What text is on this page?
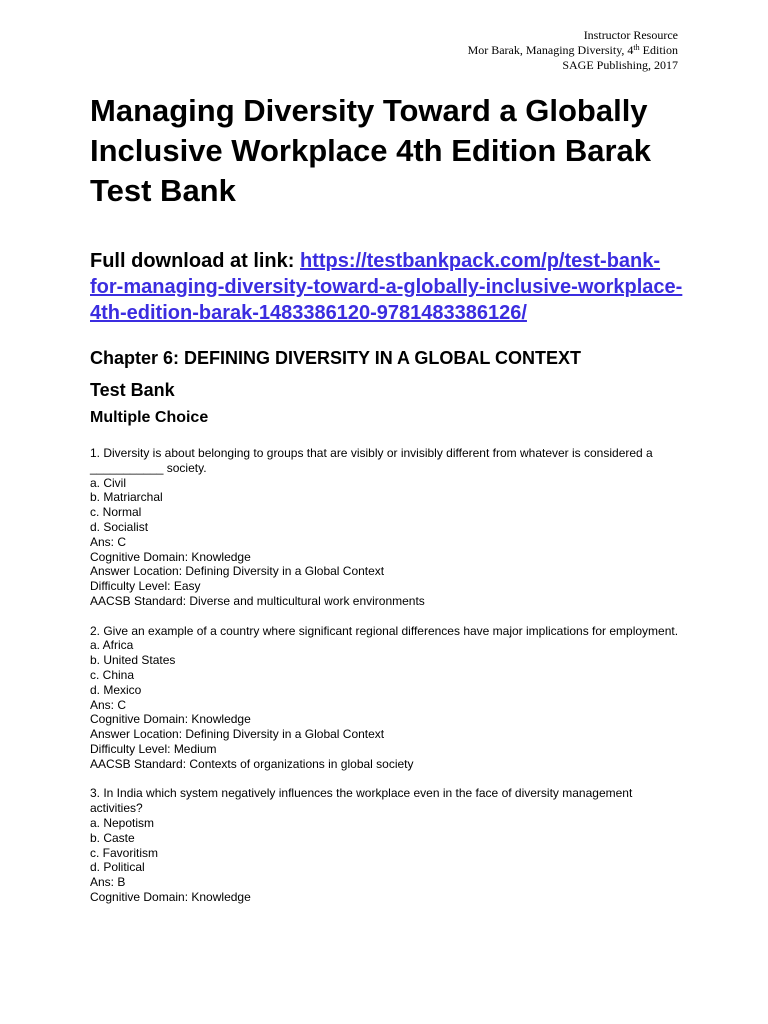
Instructor Resource
Mor Barak, Managing Diversity, 4th Edition
SAGE Publishing, 2017
Managing Diversity Toward a Globally Inclusive Workplace 4th Edition Barak Test Bank

Full download at link: https://testbankpack.com/p/test-bank-for-managing-diversity-toward-a-globally-inclusive-workplace-4th-edition-barak-1483386120-9781483386126/

Chapter 6: DEFINING DIVERSITY IN A GLOBAL CONTEXT
Test Bank
Multiple Choice
1. Diversity is about belonging to groups that are visibly or invisibly different from whatever is considered a ___________ society.
a. Civil
b. Matriarchal
c. Normal
d. Socialist
Ans: C
Cognitive Domain: Knowledge
Answer Location: Defining Diversity in a Global Context
Difficulty Level: Easy
AACSB Standard: Diverse and multicultural work environments
2. Give an example of a country where significant regional differences have major implications for employment.
a. Africa
b. United States
c. China
d. Mexico
Ans: C
Cognitive Domain: Knowledge
Answer Location: Defining Diversity in a Global Context
Difficulty Level: Medium
AACSB Standard: Contexts of organizations in global society
3. In India which system negatively influences the workplace even in the face of diversity management activities?
a. Nepotism
b. Caste
c. Favoritism
d. Political
Ans: B
Cognitive Domain: Knowledge
